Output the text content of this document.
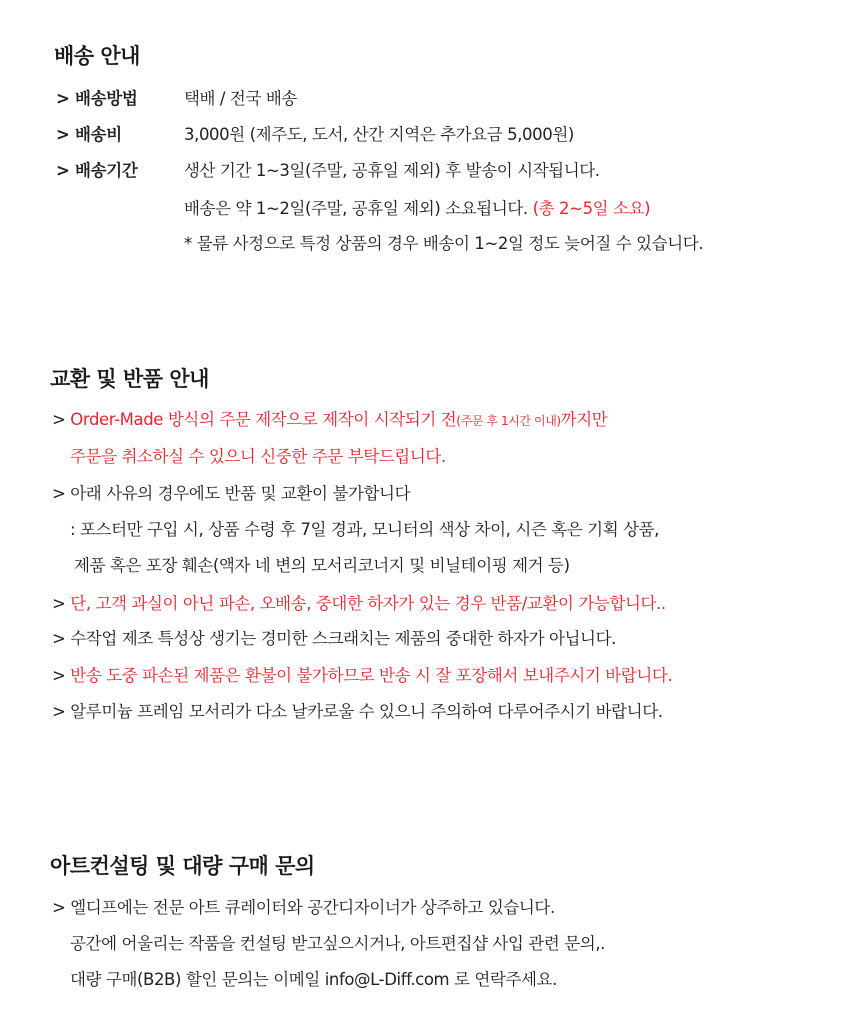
배송 안내
> 배송방법	택배 / 전국 배송
> 배송비	3,000원 (제주도, 도서, 산간 지역은 추가요금 5,000원)
> 배송기간	생산 기간 1~3일(주말, 공휴일 제외) 후 발송이 시작됩니다.
배송은 약 1~2일(주말, 공휴일 제외) 소요됩니다. (총 2~5일 소요)
* 물류 사정으로 특정 상품의 경우 배송이 1~2일 정도 늦어질 수 있습니다.
교환 및 반품 안내
> Order-Made 방식의 주문 제작으로 제작이 시작되기 전(주문 후 1시간 이내)까지만
주문을 취소하실 수 있으니 신중한 주문 부탁드립니다.
> 아래 사유의 경우에도 반품 및 교환이 불가합니다
: 포스터만 구입 시, 상품 수령 후 7일 경과, 모니터의 색상 차이, 시즌 혹은 기획 상품,
제품 혹은 포장 훼손(액자 네 변의 모서리코너지 및 비닐테이핑 제거 등)
> 단, 고객 과실이 아닌 파손, 오배송, 중대한 하자가 있는 경우 반품/교환이 가능합니다..
> 수작업 제조 특성상 생기는 경미한 스크래치는 제품의 중대한 하자가 아닙니다.
> 반송 도중 파손된 제품은 환불이 불가하므로 반송 시 잘 포장해서 보내주시기 바랍니다.
> 알루미늄 프레임 모서리가 다소 날카로울 수 있으니 주의하여 다루어주시기 바랍니다.
아트컨설팅 및 대량 구매 문의
> 엘디프에는 전문 아트 큐레이터와 공간디자이너가 상주하고 있습니다.
공간에 어울리는 작품을 컨설팅 받고싶으시거나, 아트편집샵 사입 관련 문의,.
대량 구매(B2B) 할인 문의는 이메일 info@L-Diff.com 로 연락주세요.
